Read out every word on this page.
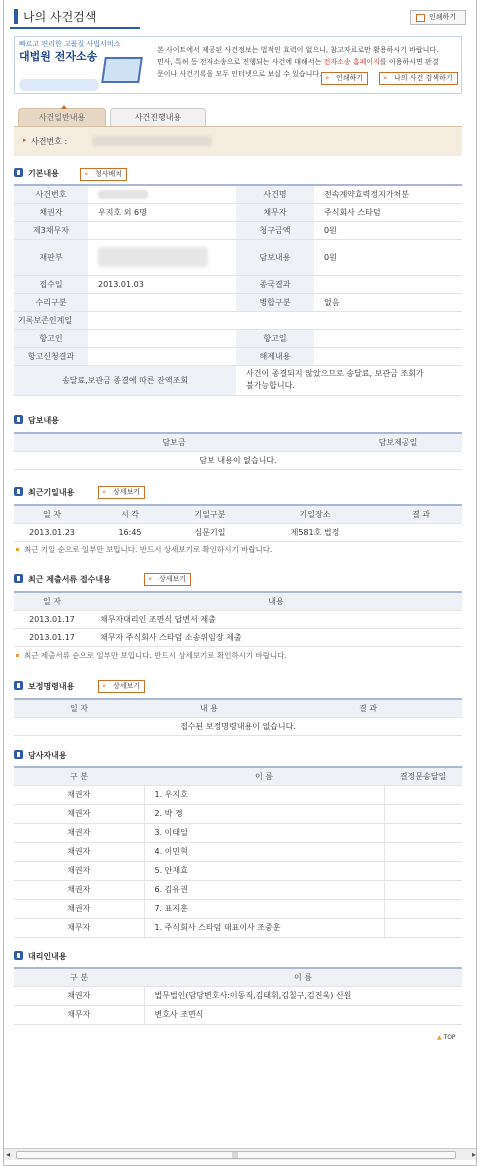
나의 사건검색	인쇄하기
빠르고 편리한 고품질 사법서비스
대법원 전자소송	본 사이트에서 제공된 사건정보는 법적인 효력이 없으니, 참고자료로만 활용하시기 바랍니다.
민사, 특허 등 전자소송으로 진행되는 사건에 대해서는 전자소송 홈페이지를 이용하시면 판결
문이나 사건기록을 모두 인터넷으로 보실 수 있습니다. » 인쇄하기	» 나의 사건 검색하기
사건일반내용	사건진행내용
▸ 사건번호 :
기본내용	» 청사배치
사건번호		사건명	전속계약효력정지가처분
채권자	우지호 외 6명	채무자	주식회사 스타덤
제3채무자		청구금액	0원
재판부		담보내용	0원
접수일	2013.01.03	종국결과	
수리구분		병합구분	없음
기록보존인계일			
항고인		항고일	
항고신청결과		해제내용	
송달료,보관금 종결에 따른 잔액조회		사건이 종결되지 않았으므로 송달료, 보관금 조회가
불가능합니다.	
담보내용
담보금	담보제공일
담보 내용이 없습니다.
최근기일내용	» 상세보기
일 자	시 각	기일구분	기일장소	결 과
2013.01.23	16:45	심문기일	제581호 법정	
최근 기일 순으로 일부만 보입니다. 반드시 상세보기로 확인하시기 바랍니다.
최근 제출서류 접수내용	» 상세보기
일 자	내용
2013.01.17	채무자대리인 조면식 답변서 제출
2013.01.17	채무자 주식회사 스타덤 소송위임장 제출
최근 제출서류 순으로 일부만 보입니다. 반드시 상세보기로 확인하시기 바랍니다.
보정명령내용	» 상세보기
일 자	내 용	결 과
접수된 보정명령내용이 없습니다.
당사자내용
구 분	이 름	결정문송달일
채권자	1. 우지호	
채권자	2. 박 경	
채권자	3. 이태일	
채권자	4. 이민혁	
채권자	5. 안재효	
채권자	6. 김유권	
채권자	7. 표지훈	
채무자	1. 주식회사 스타덤 대표이사 조중훈	
대리인내용
구 분	이 름
채권자	법무법인(담당변호사:이동직,김태휘,김칠구,김진욱) 신원
채무자	변호사 조면식
▲ TOP
◂	|||	▸
